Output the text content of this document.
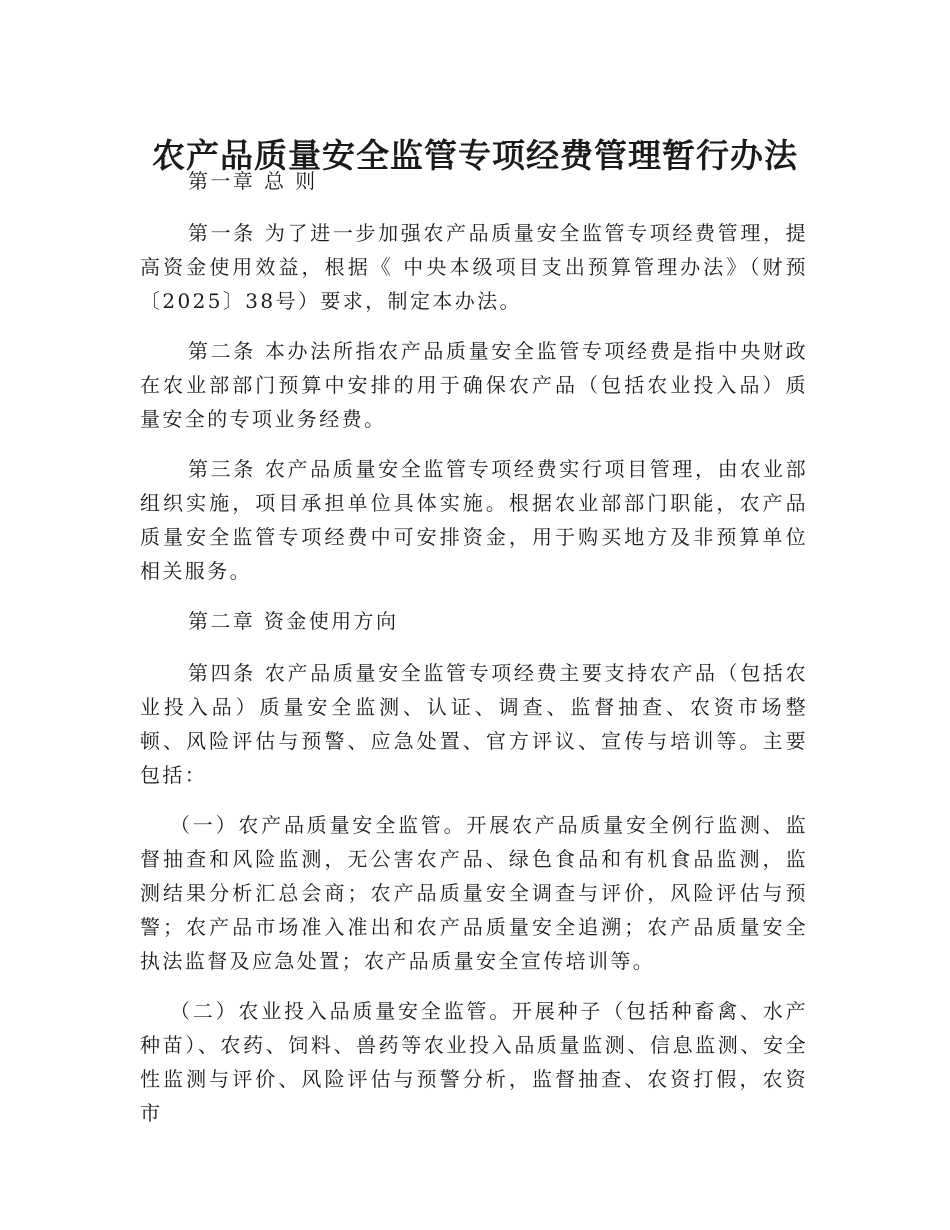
农产品质量安全监管专项经费管理暂行办法

第一章 总 则

第一条 为了进一步加强农产品质量安全监管专项经费管理，提高资金使用效益，根据《 中央本级项目支出预算管理办法》（财预〔2025〕38号）要求，制定本办法。

第二条 本办法所指农产品质量安全监管专项经费是指中央财政在农业部部门预算中安排的用于确保农产品（包括农业投入品）质量安全的专项业务经费。

第三条 农产品质量安全监管专项经费实行项目管理，由农业部组织实施，项目承担单位具体实施。根据农业部部门职能，农产品质量安全监管专项经费中可安排资金，用于购买地方及非预算单位相关服务。

第二章 资金使用方向

第四条 农产品质量安全监管专项经费主要支持农产品（包括农业投入品）质量安全监测、认证、调查、监督抽查、农资市场整顿、风险评估与预警、应急处置、官方评议、宣传与培训等。主要包括：

（一）农产品质量安全监管。开展农产品质量安全例行监测、监督抽查和风险监测，无公害农产品、绿色食品和有机食品监测，监测结果分析汇总会商；农产品质量安全调查与评价，风险评估与预警；农产品市场准入准出和农产品质量安全追溯；农产品质量安全执法监督及应急处置；农产品质量安全宣传培训等。

（二）农业投入品质量安全监管。开展种子（包括种畜禽、水产种苗）、农药、饲料、兽药等农业投入品质量监测、信息监测、安全性监测与评价、风险评估与预警分析，监督抽查、农资打假，农资市
